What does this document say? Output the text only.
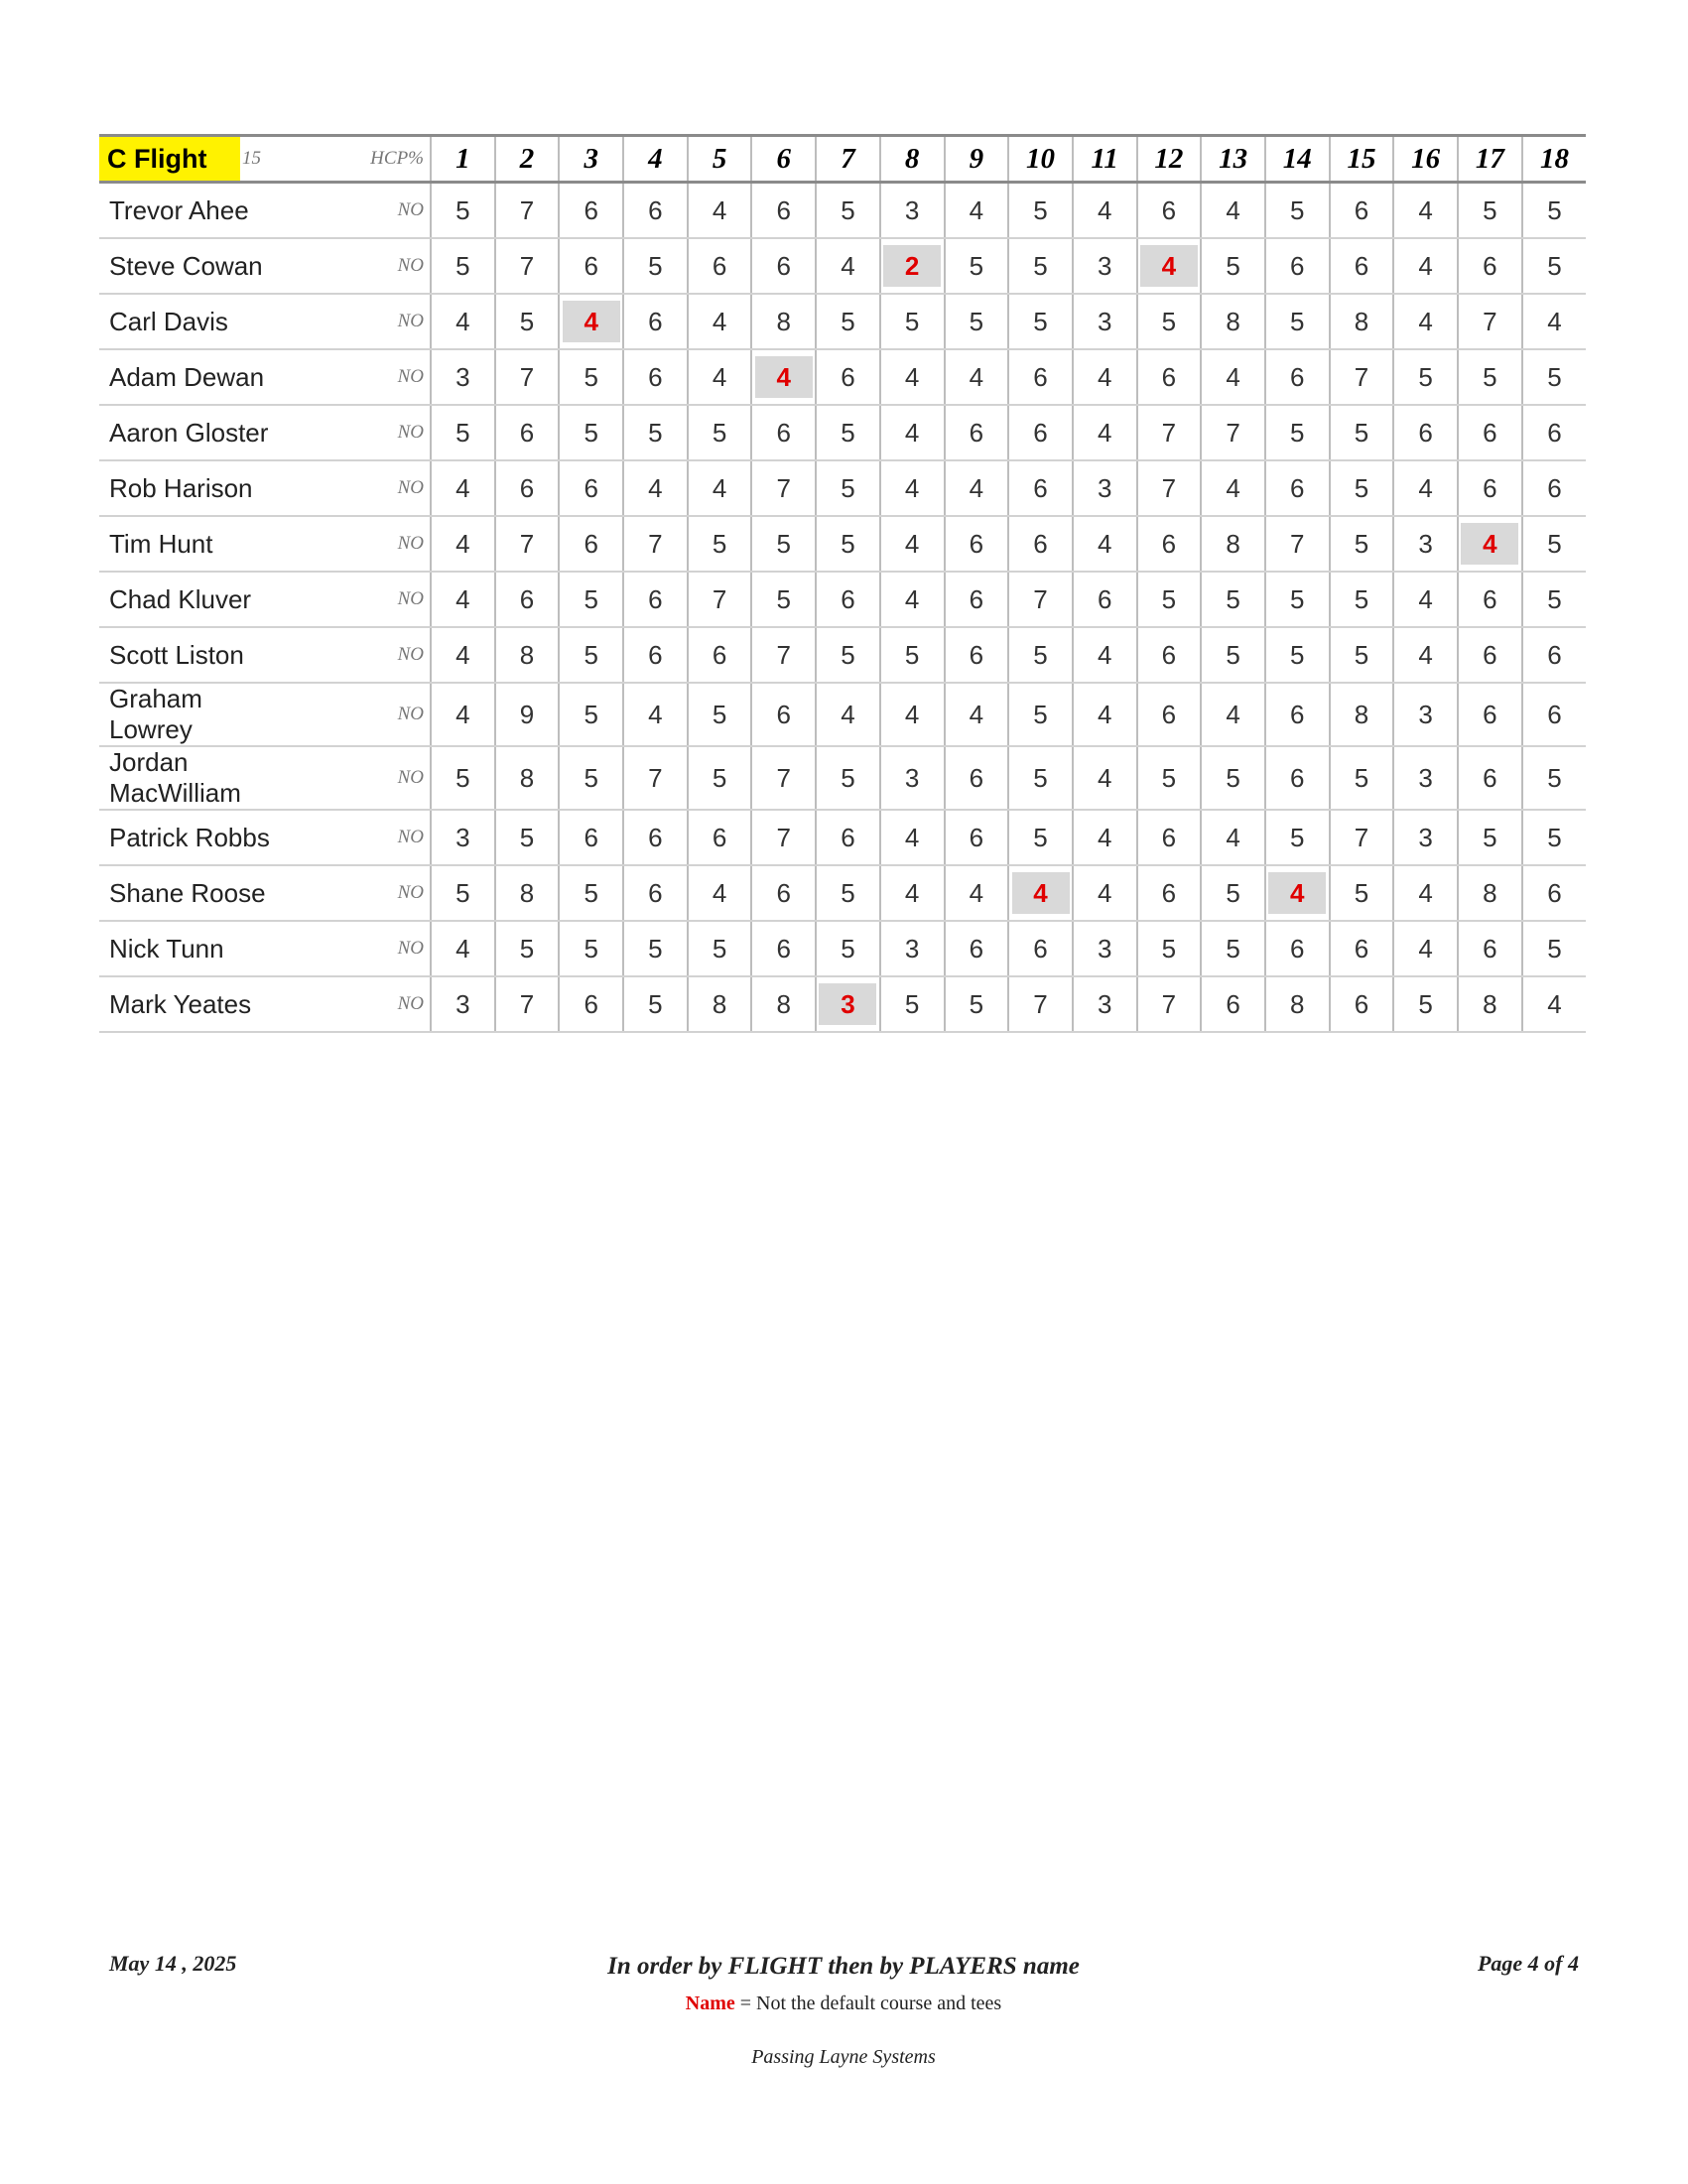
C Flight	15	HCP%	1	2	3	4	5	6	7	8	9	10	11	12	13	14	15	16	17	18
Trevor Ahee		NO	5	7	6	6	4	6	5	3	4	5	4	6	4	5	6	4	5	5
Steve Cowan		NO	5	7	6	5	6	6	4	2	5	5	3	4	5	6	6	4	6	5
Carl Davis		NO	4	5	4	6	4	8	5	5	5	5	3	5	8	5	8	4	7	4
Adam Dewan		NO	3	7	5	6	4	4	6	4	4	6	4	6	4	6	7	5	5	5
Aaron Gloster		NO	5	6	5	5	5	6	5	4	6	6	4	7	7	5	5	6	6	6
Rob Harison		NO	4	6	6	4	4	7	5	4	4	6	3	7	4	6	5	4	6	6
Tim Hunt		NO	4	7	6	7	5	5	5	4	6	6	4	6	8	7	5	3	4	5
Chad Kluver		NO	4	6	5	6	7	5	6	4	6	7	6	5	5	5	5	4	6	5
Scott Liston		NO	4	8	5	6	6	7	5	5	6	5	4	6	5	5	5	4	6	6
Graham Lowrey		NO	4	9	5	4	5	6	4	4	4	5	4	6	4	6	8	3	6	6
Jordan MacWilliam		NO	5	8	5	7	5	7	5	3	6	5	4	5	5	6	5	3	6	5
Patrick Robbs		NO	3	5	6	6	6	7	6	4	6	5	4	6	4	5	7	3	5	5
Shane Roose		NO	5	8	5	6	4	6	5	4	4	4	4	6	5	4	5	4	8	6
Nick Tunn		NO	4	5	5	5	5	6	5	3	6	6	3	5	5	6	6	4	6	5
Mark Yeates		NO	3	7	6	5	8	8	3	5	5	7	3	7	6	8	6	5	8	4
May 14 , 2025	In order by FLIGHT then by PLAYERS name	Page 4 of 4
Name = Not the default course and tees
Passing Layne Systems
